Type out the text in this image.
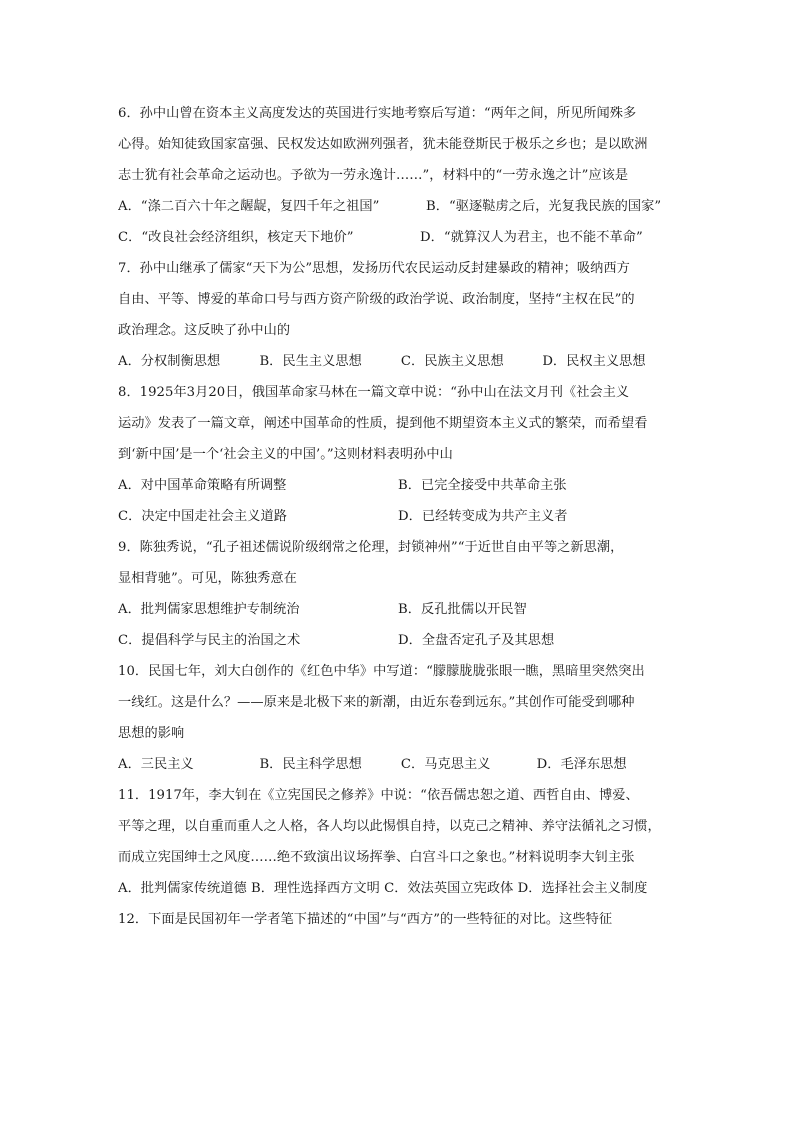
6．孙中山曾在资本主义高度发达的英国进行实地考察后写道：“两年之间，所见所闻殊多
心得。始知徒致国家富强、民权发达如欧洲列强者，犹未能登斯民于极乐之乡也；是以欧洲
志士犹有社会革命之运动也。予欲为一劳永逸计……”，材料中的“一劳永逸之计”应该是
A．“涤二百六十年之龌龊，复四千年之祖国”	B．“驱逐鞑虏之后，光复我民族的国家”
C．“改良社会经济组织，核定天下地价”	D．“就算汉人为君主，也不能不革命”
7．孙中山继承了儒家“天下为公”思想，发扬历代农民运动反封建暴政的精神；吸纳西方
自由、平等、博爱的革命口号与西方资产阶级的政治学说、政治制度，坚持“主权在民”的
政治理念。这反映了孙中山的
A．分权制衡思想	B．民生主义思想	C．民族主义思想	D．民权主义思想
8．1925年3月20日，俄国革命家马林在一篇文章中说：“孙中山在法文月刊《社会主义
运动》发表了一篇文章，阐述中国革命的性质，提到他不期望资本主义式的繁荣，而希望看
到‘新中国’是一个‘社会主义的中国’。”这则材料表明孙中山
A．对中国革命策略有所调整	B．已完全接受中共革命主张
C．决定中国走社会主义道路	D．已经转变成为共产主义者
9．陈独秀说，“孔子祖述儒说阶级纲常之伦理，封锁神州”“于近世自由平等之新思潮，
显相背驰”。可见，陈独秀意在
A．批判儒家思想维护专制统治	B．反孔批儒以开民智
C．提倡科学与民主的治国之术	D．全盘否定孔子及其思想
10．民国七年，刘大白创作的《红色中华》中写道：“朦朦胧胧张眼一瞧，黑暗里突然突出
一线红。这是什么？——原来是北极下来的新潮，由近东卷到远东。”其创作可能受到哪种
思想的影响
A．三民主义	B．民主科学思想	C．马克思主义	D．毛泽东思想
11．1917年，李大钊在《立宪国民之修养》中说：“依吾儒忠恕之道、西哲自由、博爱、
平等之理，以自重而重人之人格，各人均以此惕惧自持，以克己之精神、养守法循礼之习惯，
而成立宪国绅士之风度……绝不致演出议场挥拳、白宫斗口之象也。”材料说明李大钊主张
A．批判儒家传统道德 B．理性选择西方文明 C．效法英国立宪政体 D．选择社会主义制度
12．下面是民国初年一学者笔下描述的“中国”与“西方”的一些特征的对比。这些特征
